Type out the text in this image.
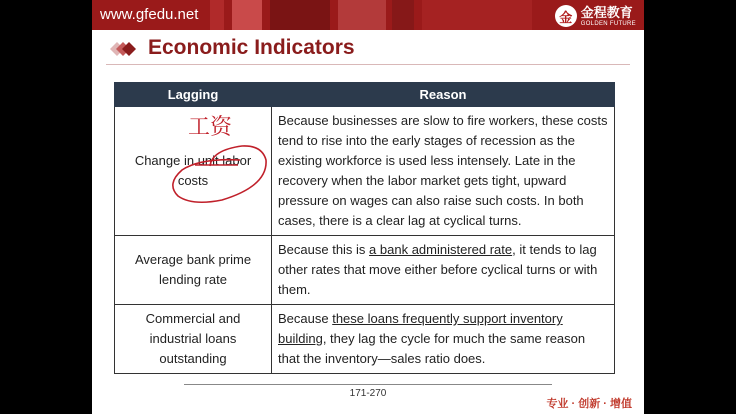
www.gfedu.net	金 金程教育
GOLDEN FUTURE
Economic Indicators
Lagging	Reason
Change in unit labor costs	Because businesses are slow to fire workers, these costs tend to rise into the early stages of recession as the existing workforce is used less intensely. Late in the recovery when the labor market gets tight, upward pressure on wages can also raise such costs. In both cases, there is a clear lag at cyclical turns.
Average bank prime lending rate	Because this is a bank administered rate, it tends to lag other rates that move either before cyclical turns or with them.
Commercial and industrial loans outstanding	Because these loans frequently support inventory building, they lag the cycle for much the same reason that the inventory—sales ratio does.
工资
171-270
专业 · 创新 · 增值
